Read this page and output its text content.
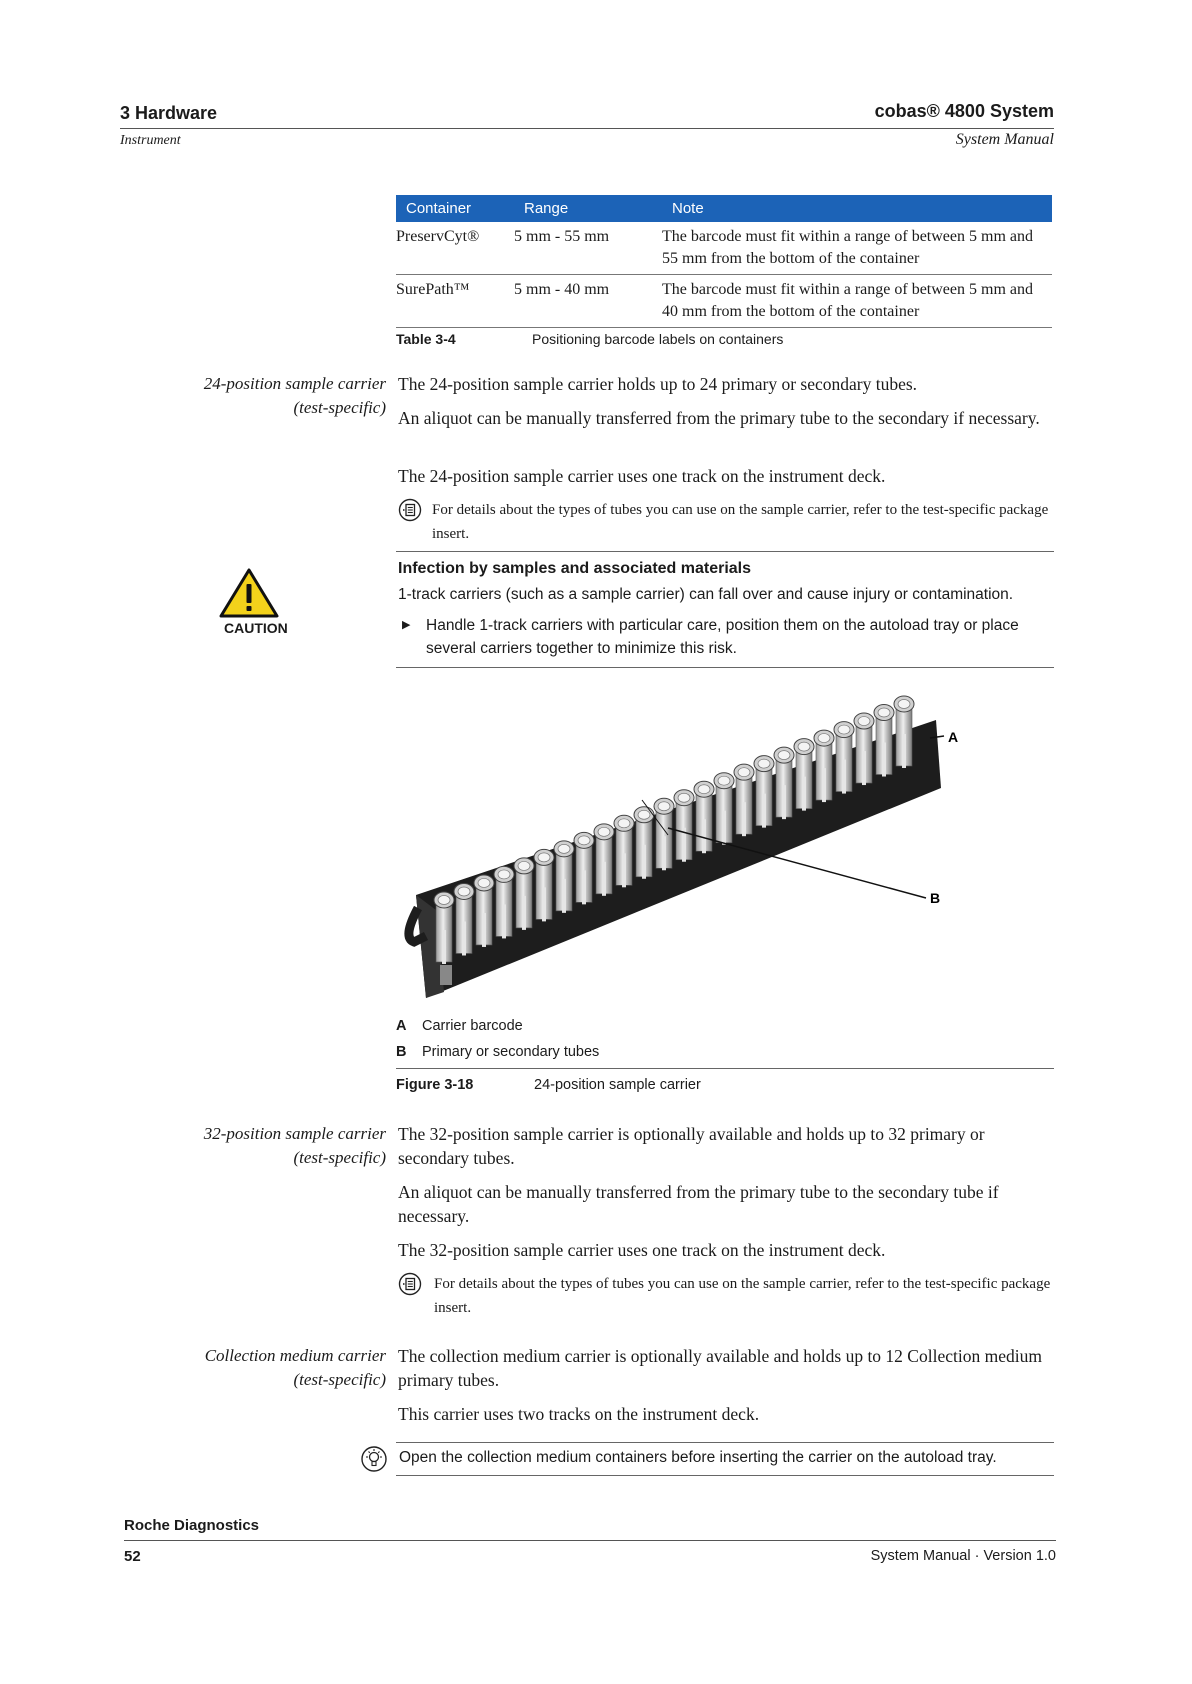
3 Hardware
Instrument
cobas® 4800 System
System Manual
Container	Range	Note
PreservCyt®	5 mm - 55 mm	The barcode must fit within a range of between 5 mm and 55 mm from the bottom of the container
SurePath™	5 mm - 40 mm	The barcode must fit within a range of between 5 mm and 40 mm from the bottom of the container
Table 3-4	Positioning barcode labels on containers
24-position sample carrier
(test-specific)
The 24-position sample carrier holds up to 24 primary or secondary tubes.
An aliquot can be manually transferred from the primary tube to the secondary if necessary.
The 24-position sample carrier uses one track on the instrument deck.
For details about the types of tubes you can use on the sample carrier, refer to the test-specific package insert.
CAUTION
Infection by samples and associated materials
1-track carriers (such as a sample carrier) can fall over and cause injury or contamination.
▶	Handle 1-track carriers with particular care, position them on the autoload tray or place several carriers together to minimize this risk.
A
B
A Carrier barcode
B Primary or secondary tubes
Figure 3-18	24-position sample carrier
32-position sample carrier
(test-specific)
The 32-position sample carrier is optionally available and holds up to 32 primary or secondary tubes.
An aliquot can be manually transferred from the primary tube to the secondary tube if necessary.
The 32-position sample carrier uses one track on the instrument deck.
For details about the types of tubes you can use on the sample carrier, refer to the test-specific package insert.
Collection medium carrier
(test-specific)
The collection medium carrier is optionally available and holds up to 12 Collection medium primary tubes.
This carrier uses two tracks on the instrument deck.
Open the collection medium containers before inserting the carrier on the autoload tray.
Roche Diagnostics
52	System Manual · Version 1.0
